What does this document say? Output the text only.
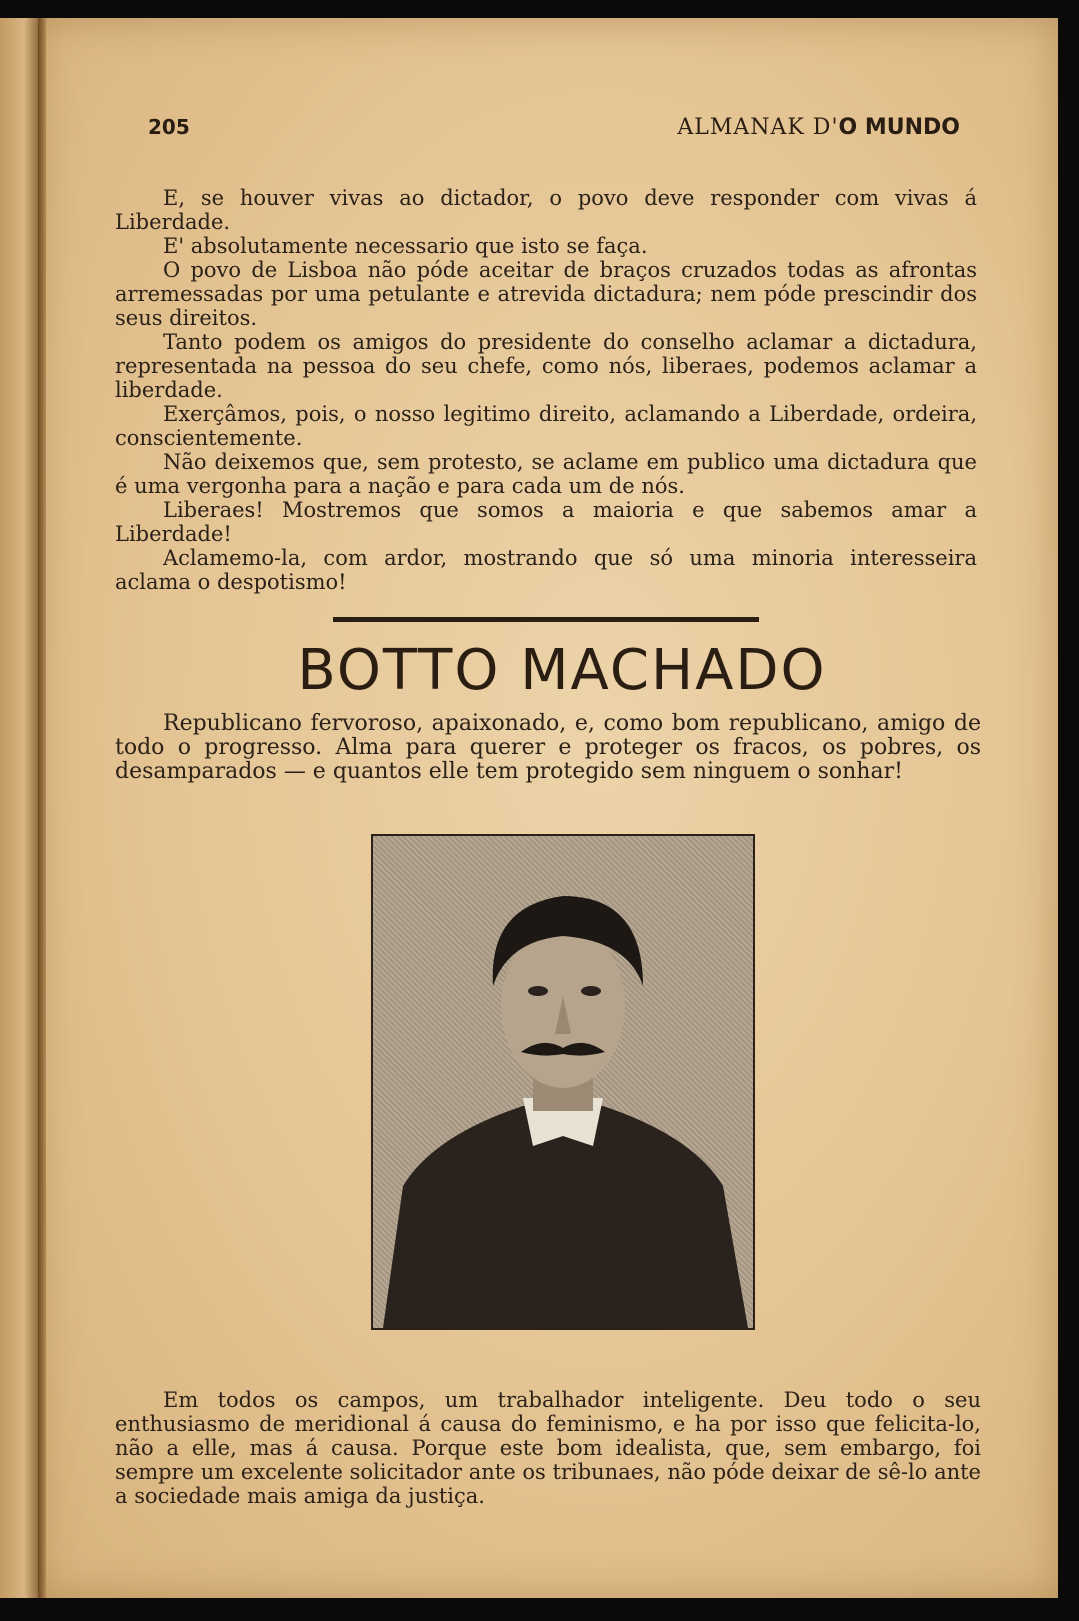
205	ALMANAK D'O MUNDO

E, se houver vivas ao dictador, o povo deve responder com vivas á Liberdade.

E' absolutamente necessario que isto se faça.

O povo de Lisboa não póde aceitar de braços cruzados todas as afrontas arremessadas por uma petulante e atrevida dictadura; nem póde prescindir dos seus direitos.

Tanto podem os amigos do presidente do conselho aclamar a dictadura, representada na pessoa do seu chefe, como nós, liberaes, podemos aclamar a liberdade.

Exerçâmos, pois, o nosso legitimo direito, aclamando a Liberdade, ordeira, conscientemente.

Não deixemos que, sem protesto, se aclame em publico uma dictadura que é uma vergonha para a nação e para cada um de nós.

Liberaes! Mostremos que somos a maioria e que sabemos amar a Liberdade!

Aclamemo-la, com ardor, mostrando que só uma minoria interesseira aclama o despotismo!

BOTTO MACHADO

Republicano fervoroso, apaixonado, e, como bom republicano, amigo de todo o progresso. Alma para querer e proteger os fracos, os pobres, os desamparados — e quantos elle tem protegido sem ninguem o sonhar!

Em todos os campos, um trabalhador inteligente. Deu todo o seu enthusiasmo de meridional á causa do feminismo, e ha por isso que felicita-lo, não a elle, mas á causa. Porque este bom idealista, que, sem embargo, foi sempre um excelente solicitador ante os tribunaes, não póde deixar de sê-lo ante a sociedade mais amiga da justiça.
